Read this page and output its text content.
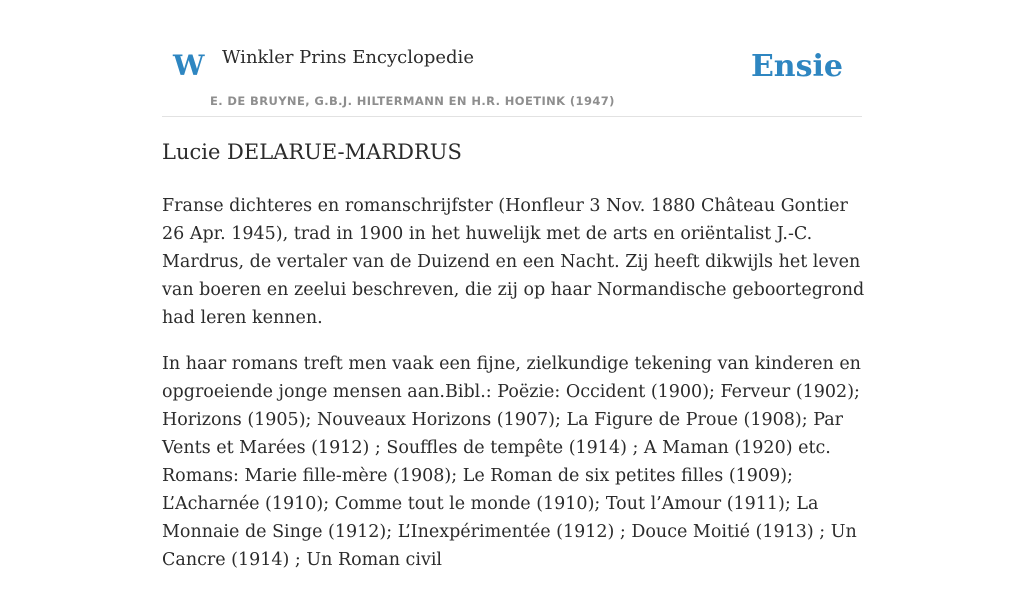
W Winkler Prins Encyclopedie
E. DE BRUYNE, G.B.J. HILTERMANN EN H.R. HOETINK (1947)
Ensie
Lucie DELARUE-MARDRUS

Franse dichteres en romanschrijfster (Honfleur 3 Nov. 1880 Château Gontier 26 Apr. 1945), trad in 1900 in het huwelijk met de arts en oriëntalist J.-C. Mardrus, de vertaler van de Duizend en een Nacht. Zij heeft dikwijls het leven van boeren en zeelui beschreven, die zij op haar Normandische geboortegrond had leren kennen.

In haar romans treft men vaak een fijne, zielkundige tekening van kinderen en opgroeiende jonge mensen aan.Bibl.: Poëzie: Occident (1900); Ferveur (1902); Horizons (1905); Nouveaux Horizons (1907); La Figure de Proue (1908); Par Vents et Marées (1912) ; Souffles de tempête (1914) ; A Maman (1920) etc. Romans: Marie fille-mère (1908); Le Roman de six petites filles (1909); L’Acharnée (1910); Comme tout le monde (1910); Tout l’Amour (1911); La Monnaie de Singe (1912); L’Inexpérimentée (1912) ; Douce Moitié (1913) ; Un Cancre (1914) ; Un Roman civil
